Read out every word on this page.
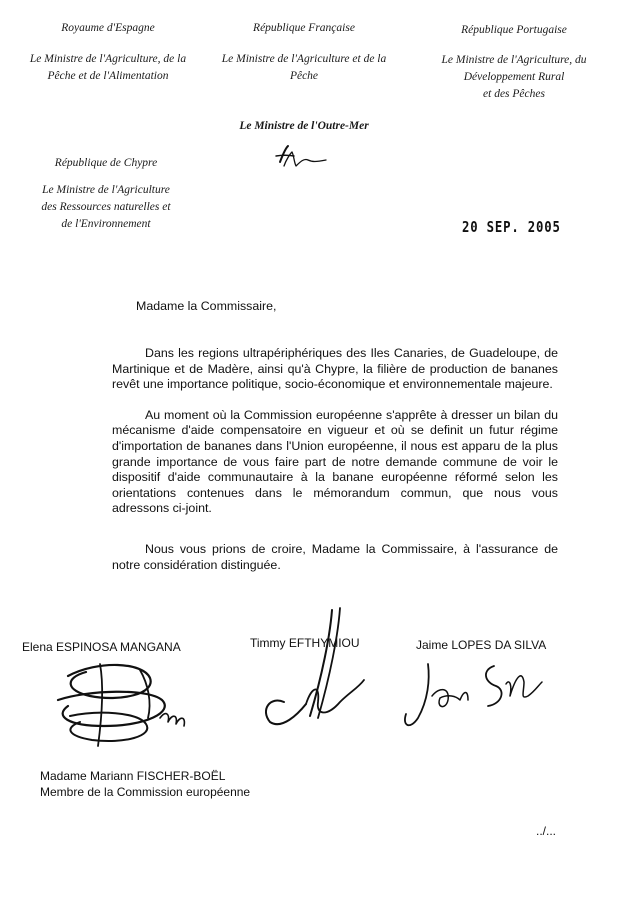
Royaume d'Espagne
Le Ministre de l'Agriculture, de la
Pêche et de l'Alimentation
République Française
Le Ministre de l'Agriculture et de la
Pêche
République Portugaise
Le Ministre de l'Agriculture, du
Développement Rural
et des Pêches
Le Ministre de l'Outre-Mer
République de Chypre
Le Ministre de l'Agriculture
des Ressources naturelles et
de l'Environnement	20 SEP. 2005
Madame la Commissaire,

Dans les regions ultrapériphériques des Iles Canaries, de Guadeloupe, de Martinique et de Madère, ainsi qu'à Chypre, la filière de production de bananes revêt une importance politique, socio-économique et environnementale majeure.

Au moment où la Commission européenne s'apprête à dresser un bilan du mécanisme d'aide compensatoire en vigueur et où se definit un futur régime d'importation de bananes dans l'Union européenne, il nous est apparu de la plus grande importance de vous faire part de notre demande commune de voir le dispositif d'aide communautaire à la banane européenne réformé selon les orientations contenues dans le mémorandum commun, que nous vous adressons ci-joint.

Nous vous prions de croire, Madame la Commissaire, à l'assurance de notre considération distinguée.

Elena ESPINOSA MANGANA	Timmy EFTHYMIOU	Jaime LOPES DA SILVA
Madame Mariann FISCHER-BOËL
Membre de la Commission européenne
../...
